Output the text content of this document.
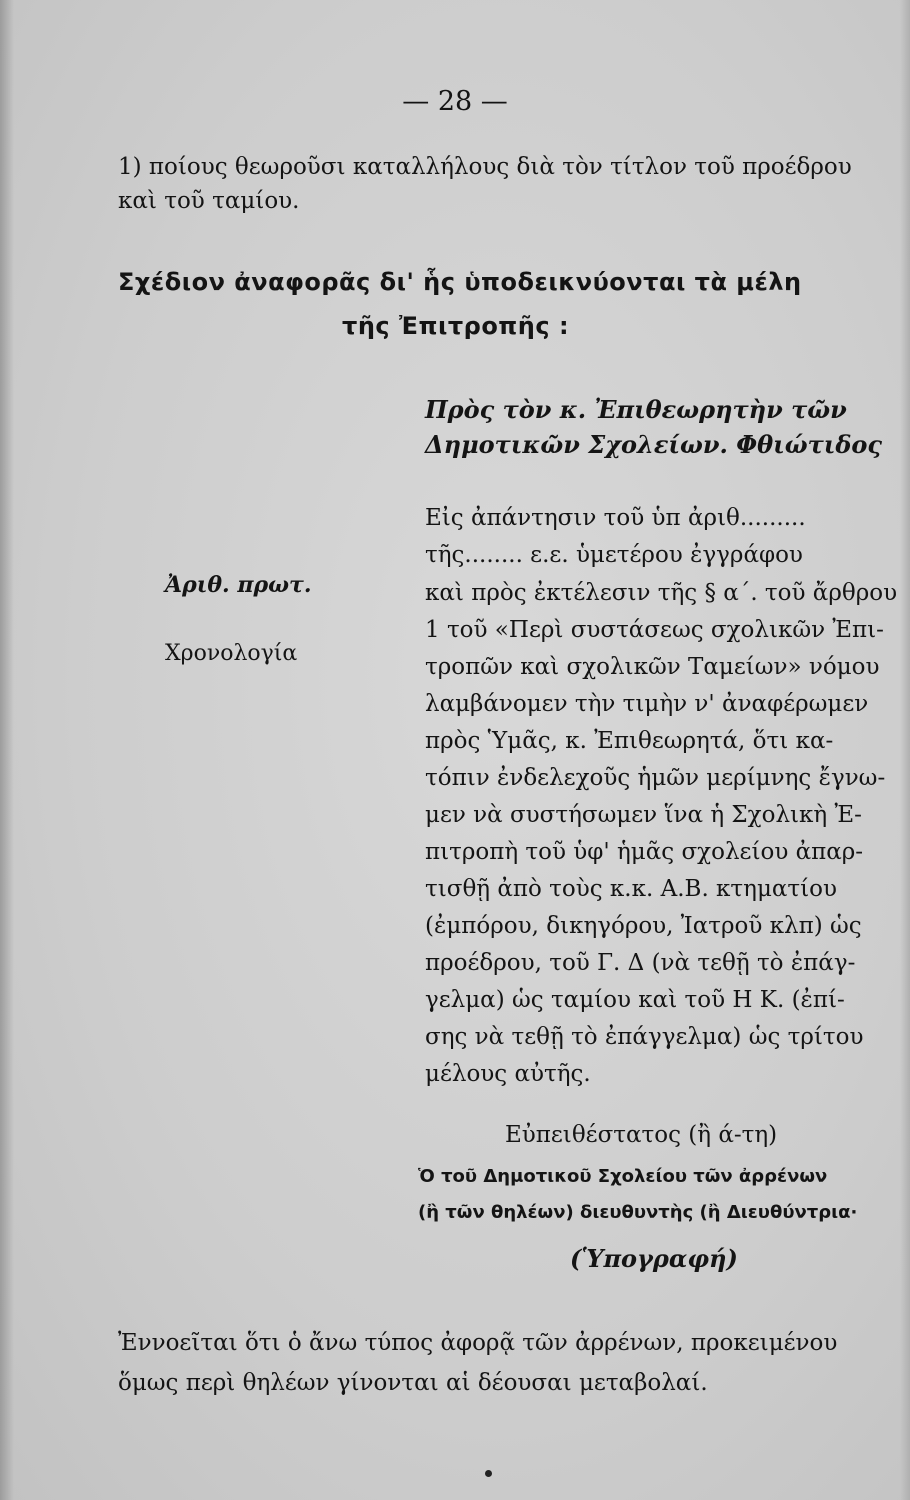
— 28 —
1) ποίους θεωροῦσι καταλλήλους διὰ τὸν τίτλον τοῦ προέδρου καὶ τοῦ ταμίου.
Σχέδιον ἀναφορᾶς δι' ἧς ὑποδεικνύονται τὰ μέλη
τῆς Ἐπιτροπῆς :
Πρὸς τὸν κ. Ἐπιθεωρητὴν τῶν
Δημοτικῶν Σχολείων. Φθιώτιδος
Ἀριθ. πρωτ.
Χρονολογία
Εἰς ἀπάντησιν τοῦ ὑπ ἀριθ.........
τῆς........ ε.ε. ὑμετέρου ἐγγράφου
καὶ πρὸς ἐκτέλεσιν τῆς § α΄. τοῦ ἄρθρου
1 τοῦ «Περὶ συστάσεως σχολικῶν Ἐπι-
τροπῶν καὶ σχολικῶν Ταμείων» νόμου
λαμβάνομεν τὴν τιμὴν ν' ἀναφέρωμεν
πρὸς Ὑμᾶς, κ. Ἐπιθεωρητά, ὅτι κα-
τόπιν ἐνδελεχοῦς ἡμῶν μερίμνης ἔγνω-
μεν νὰ συστήσωμεν ἵνα ἡ Σχολικὴ Ἐ-
πιτροπὴ τοῦ ὑφ' ἡμᾶς σχολείου ἀπαρ-
τισθῇ ἀπὸ τοὺς κ.κ. Α.Β. κτηματίου
(ἐμπόρου, δικηγόρου, Ἰατροῦ κλπ) ὡς
προέδρου, τοῦ Γ. Δ (νὰ τεθῇ τὸ ἐπάγ-
γελμα) ὡς ταμίου καὶ τοῦ Η Κ. (ἐπί-
σης νὰ τεθῇ τὸ ἐπάγγελμα) ὡς τρίτου
μέλους αὐτῆς.
Εὐπειθέστατος (ἢ ά-τη)
Ὁ τοῦ Δημοτικοῦ Σχολείου τῶν ἀρρένων
(ἢ τῶν θηλέων) διευθυντὴς (ἢ Διευθύντρια·
(Ὑπογραφή)
Ἐννοεῖται ὅτι ὁ ἄνω τύπος ἀφορᾷ τῶν ἀρρένων, προκειμένου
ὅμως περὶ θηλέων γίνονται αἱ δέουσαι μεταβολαί.
